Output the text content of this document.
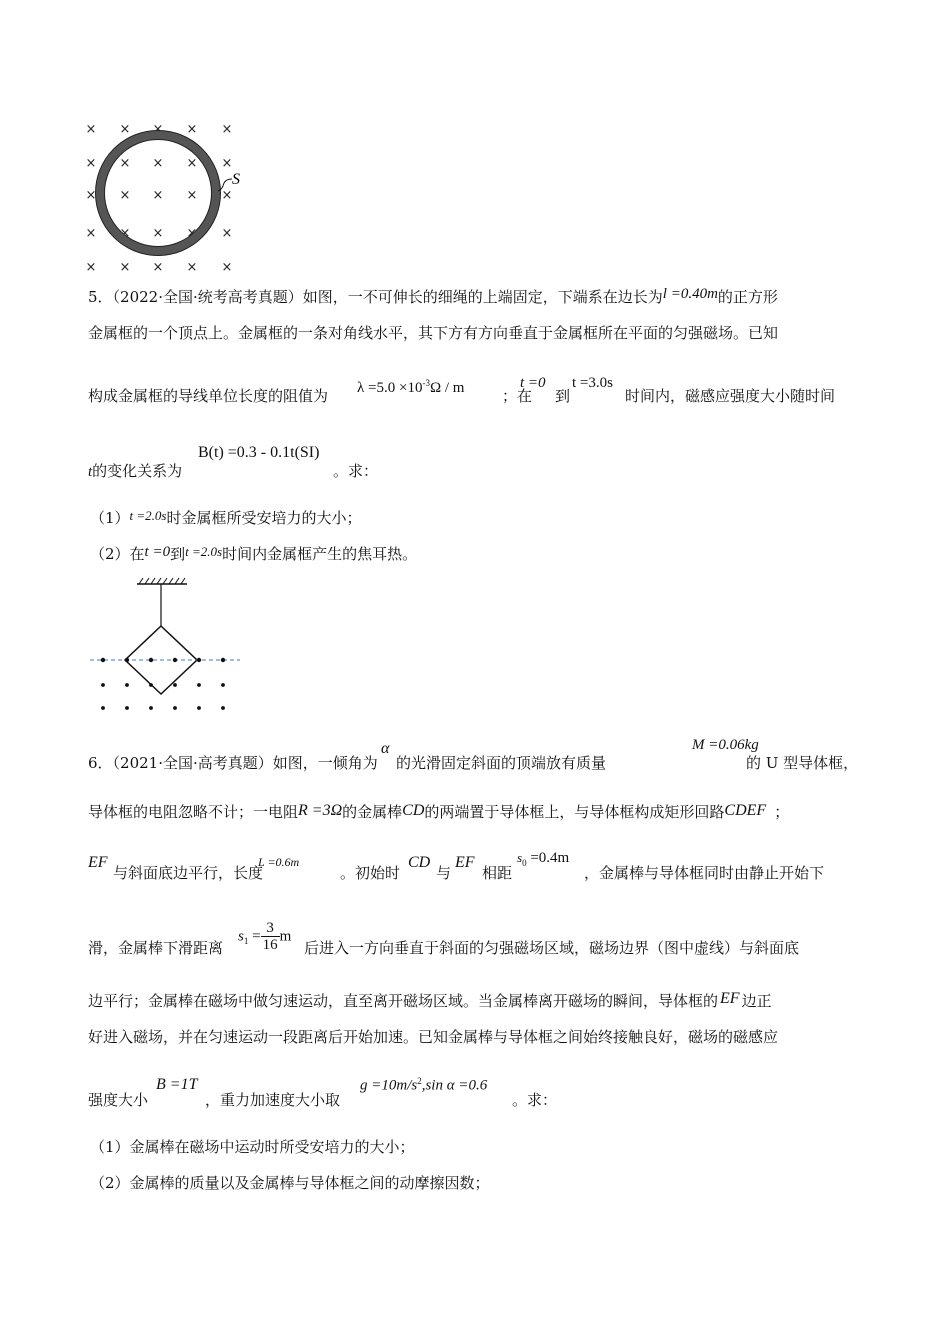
× × × × ×
× × × × ×
× × × × ×
× × × × ×
× × × × ×
S
5．（2022·全国·统考高考真题）如图，一不可伸长的细绳的上端固定，下端系在边长为l =0.40m的正方形
金属框的一个顶点上。金属框的一条对角线水平，其下方有方向垂直于金属框所在平面的匀强磁场。已知
构成金属框的导线单位长度的阻值为 $\lambda =5.0 \times 10^{-3}\Omega / m$	；在
t =0
到
t =3.0s
时间内，磁感应强度大小随时间
t的变化关系为
B(t) =0.3 - 0.1t(SI)
。求：
（1）t =2.0s时金属框所受安培力的大小；
（2）在t =0到t =2.0s时间内金属框产生的焦耳热。
6．（2021·全国·高考真题）如图，一倾角为
α
的光滑固定斜面的顶端放有质量
M =0.06kg
的 U 型导体框，
导体框的电阻忽略不计；一电阻R =3Ω的金属棒CD的两端置于导体框上，与导体框构成矩形回路CDEF ；
EF
与斜面底边平行，长度
L =0.6m
。初始时
CD
与
EF
相距
$s_0 =0.4m$
，金属棒与导体框同时由静止开始下
滑，金属棒下滑距离
$s_1 = \frac{3}{16}$ m
后进入一方向垂直于斜面的匀强磁场区域，磁场边界（图中虚线）与斜面底
边平行；金属棒在磁场中做匀速运动，直至离开磁场区域。当金属棒离开磁场的瞬间，导体框的 EF 边正
好进入磁场，并在匀速运动一段距离后开始加速。已知金属棒与导体框之间始终接触良好，磁场的磁感应
强度大小
B =1T
，重力加速度大小取
$g =10m/s^2,\sin$ α =0.6
。求：
（1）金属棒在磁场中运动时所受安培力的大小；
（2）金属棒的质量以及金属棒与导体框之间的动摩擦因数；
